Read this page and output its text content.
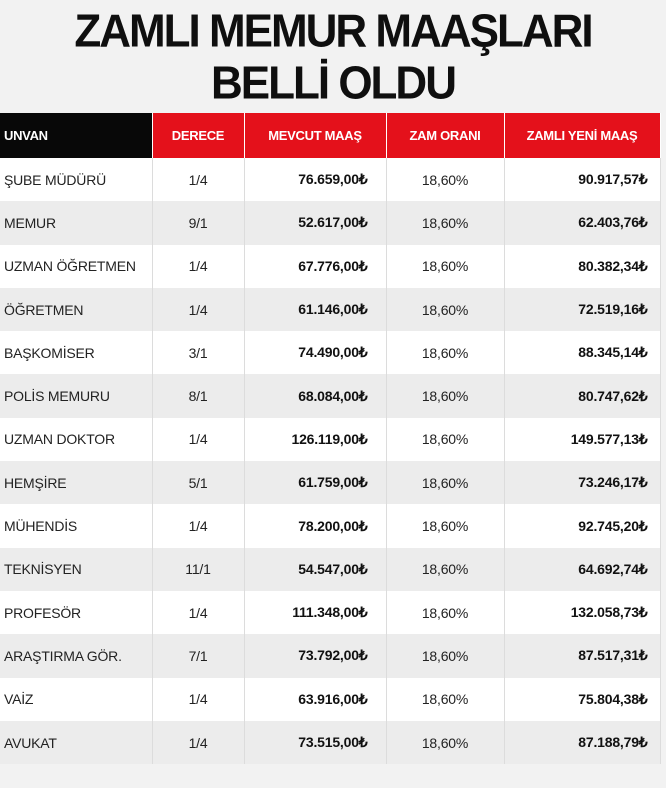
ZAMLI MEMUR MAAŞLARI
BELLİ OLDU
UNVAN	DERECE	MEVCUT MAAŞ	ZAM ORANI	ZAMLI YENİ MAAŞ
ŞUBE MÜDÜRÜ	1/4	76.659,00₺	18,60%	90.917,57₺
MEMUR	9/1	52.617,00₺	18,60%	62.403,76₺
UZMAN ÖĞRETMEN	1/4	67.776,00₺	18,60%	80.382,34₺
ÖĞRETMEN	1/4	61.146,00₺	18,60%	72.519,16₺
BAŞKOMİSER	3/1	74.490,00₺	18,60%	88.345,14₺
POLİS MEMURU	8/1	68.084,00₺	18,60%	80.747,62₺
UZMAN DOKTOR	1/4	126.119,00₺	18,60%	149.577,13₺
HEMŞİRE	5/1	61.759,00₺	18,60%	73.246,17₺
MÜHENDİS	1/4	78.200,00₺	18,60%	92.745,20₺
TEKNİSYEN	11/1	54.547,00₺	18,60%	64.692,74₺
PROFESÖR	1/4	111.348,00₺	18,60%	132.058,73₺
ARAŞTIRMA GÖR.	7/1	73.792,00₺	18,60%	87.517,31₺
VAİZ	1/4	63.916,00₺	18,60%	75.804,38₺
AVUKAT	1/4	73.515,00₺	18,60%	87.188,79₺
